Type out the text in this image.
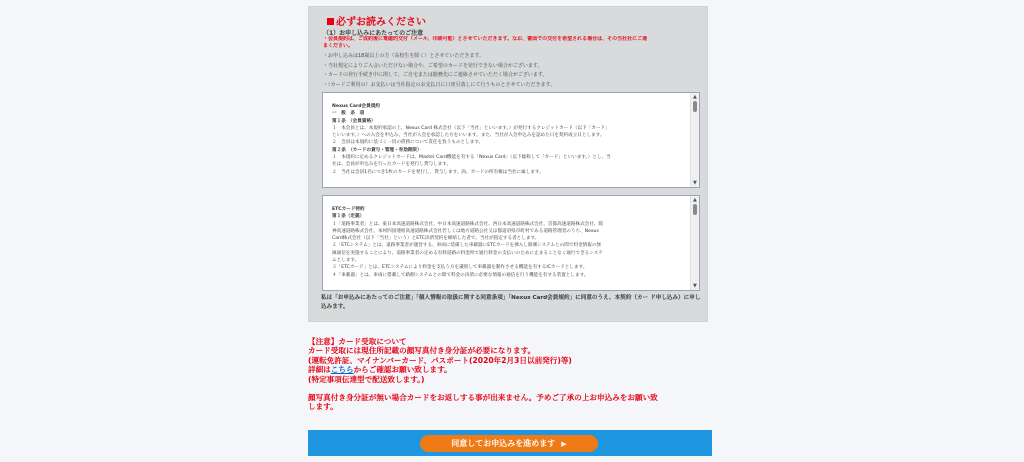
必ずお読みください
（1）お申し込みにあたってのご注意
・会員規約は、ご成約後に電磁的交付（メール、印刷可能）とさせていただきます。なお、書面での交付を希望される場合は、その当社社にご連
まください。
・お申し込みは18歳以上の方（高校生を除く）とさせていただきます。
・当社規定によりご入会いただけない場合や、ご希望のカードを発行できない場合がございます。
・カードの発行手続き中に関して、ご自宅または勤務先にご連絡させていただく場合がございます。
・（カードご利用の）お支払いは当社指定のお支払日に口座引落しにて行うものとさせていただきます。
Nexus Card会員規約
一　般　条　項
第１条　（会員資格）
１　本会員とは、本規約承認の上、Nexus Card 株式会社（以下「当社」といいます。）が発行するクレジットカード（以下「カード」
といいます。）への入会を申込み、当社が入会を承認した方をいいます。また、当社が入会申込みを認めた日を契約成立日とします。
２　会員は本規約に基づく一切の債務について責任を負うものとします。
第２条　（カードの貸与・管理・有効期限）
１　本規約に定めるクレジットカードは、Master Card機能を有する「Nexus Card」（以下総称して「カード」といいます。）とし、当
社は、会員が申込みを行ったカードを発行し貸与します。
２　当社は会員1名につき1枚のカードを発行し、貸与します。尚、カードの所有権は当社に属します。
▲
▼
ETCカード特約
第１条（定義）
１「道路事業者」とは、東日本高速道路株式会社、中日本高速道路株式会社、西日本高速道路株式会社、首都高速道路株式会社、阪
神高速道路株式会社、本州四国連絡高速道路株式会社若しくは地方道路公社又は都道府県市町村である道路管理者のうち、Nexus
Card株式会社（以下「当社」という）とETC決済契約を締結した者で、当社が指定する者とします。
２「ETCシステム」とは、道路事業者が運営する、車両に装備した車載器にETCカードを挿入し路側システムとの間で料金情報の無
線通信を実施することにより、道路事業者の定める有料道路の料金所で通行料金の支払いのために止まることなく通行できるシステ
ムとします。
３「ETCカード」とは、ETCシステムにより料金を支払う方を識別して車載器を動作させる機能を有するICカードとします。
４「車載器」とは、車両に搭載して路側システムとの間で料金の決済に必要な情報の通信を行う機能を有する装置とします。
▲
▼
私は「お申込みにあたってのご注意」「個人情報の取扱に関する同意条項」「Nexus Card会員規約」に同意のうえ、本契約（カー ド申し込み）に申し込みます。
【注意】カード受取について
カード受取には現住所記載の顔写真付き身分証が必要になります。
(運転免許証、マイナンバーカード、パスポート(2020年2月3日以前発行)等)
詳細はこちらからご確認お願い致します。
(特定事項伝達型で配送致します。)
顔写真付き身分証が無い場合カードをお返しする事が出来ません。予めご了承の上お申込みをお願い致
します。
同意してお申込みを進めます ▶
